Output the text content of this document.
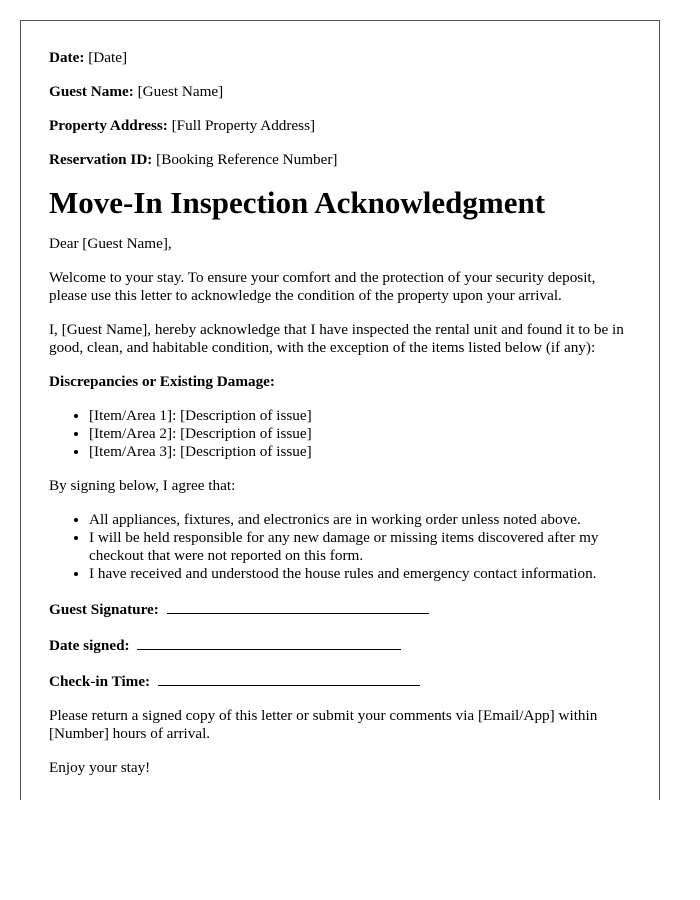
Date: [Date]
Guest Name: [Guest Name]
Property Address: [Full Property Address]
Reservation ID: [Booking Reference Number]
Move-In Inspection Acknowledgment

Dear [Guest Name],

Welcome to your stay. To ensure your comfort and the protection of your security deposit, please use this letter to acknowledge the condition of the property upon your arrival.

I, [Guest Name], hereby acknowledge that I have inspected the rental unit and found it to be in good, clean, and habitable condition, with the exception of the items listed below (if any):

Discrepancies or Existing Damage:

• [Item/Area 1]: [Description of issue]
• [Item/Area 2]: [Description of issue]
• [Item/Area 3]: [Description of issue]

By signing below, I agree that:

• All appliances, fixtures, and electronics are in working order unless noted above.
• I will be held responsible for any new damage or missing items discovered after my checkout that were not reported on this form.
• I have received and understood the house rules and emergency contact information.
Guest Signature:
Date signed:
Check-in Time:

Please return a signed copy of this letter or submit your comments via [Email/App] within [Number] hours of arrival.

Enjoy your stay!
